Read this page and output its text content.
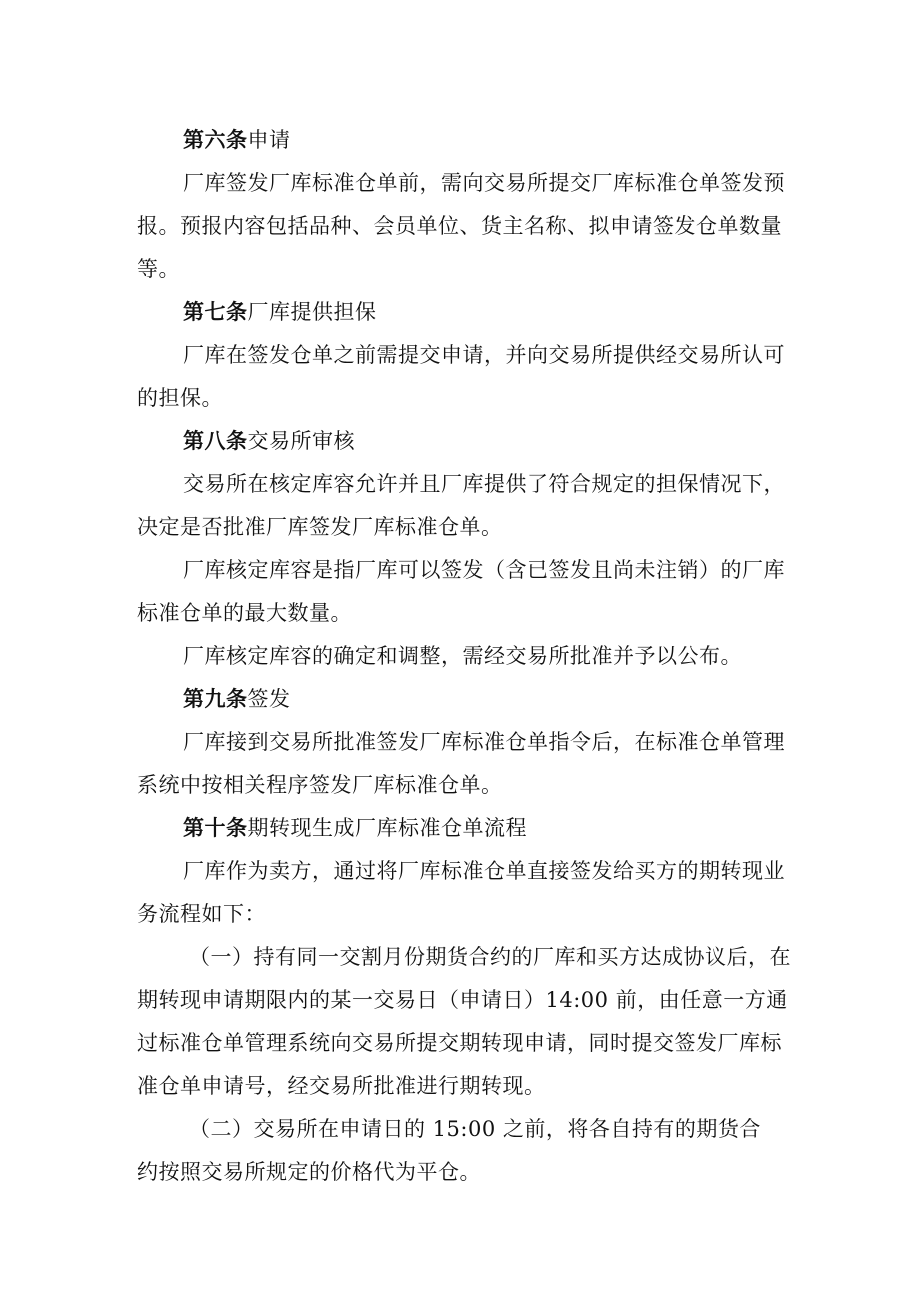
第六条申请
厂库签发厂库标准仓单前，需向交易所提交厂库标准仓单签发预
报。预报内容包括品种、会员单位、货主名称、拟申请签发仓单数量
等。
第七条厂库提供担保
厂库在签发仓单之前需提交申请，并向交易所提供经交易所认可
的担保。
第八条交易所审核
交易所在核定库容允许并且厂库提供了符合规定的担保情况下，
决定是否批准厂库签发厂库标准仓单。
厂库核定库容是指厂库可以签发（含已签发且尚未注销）的厂库
标准仓单的最大数量。
厂库核定库容的确定和调整，需经交易所批准并予以公布。
第九条签发
厂库接到交易所批准签发厂库标准仓单指令后，在标准仓单管理
系统中按相关程序签发厂库标准仓单。
第十条期转现生成厂库标准仓单流程
厂库作为卖方，通过将厂库标准仓单直接签发给买方的期转现业
务流程如下：
（一）持有同一交割月份期货合约的厂库和买方达成协议后，在
期转现申请期限内的某一交易日（申请日）14:00 前，由任意一方通
过标准仓单管理系统向交易所提交期转现申请，同时提交签发厂库标
准仓单申请号，经交易所批准进行期转现。
（二）交易所在申请日的 15:00 之前，将各自持有的期货合
约按照交易所规定的价格代为平仓。
